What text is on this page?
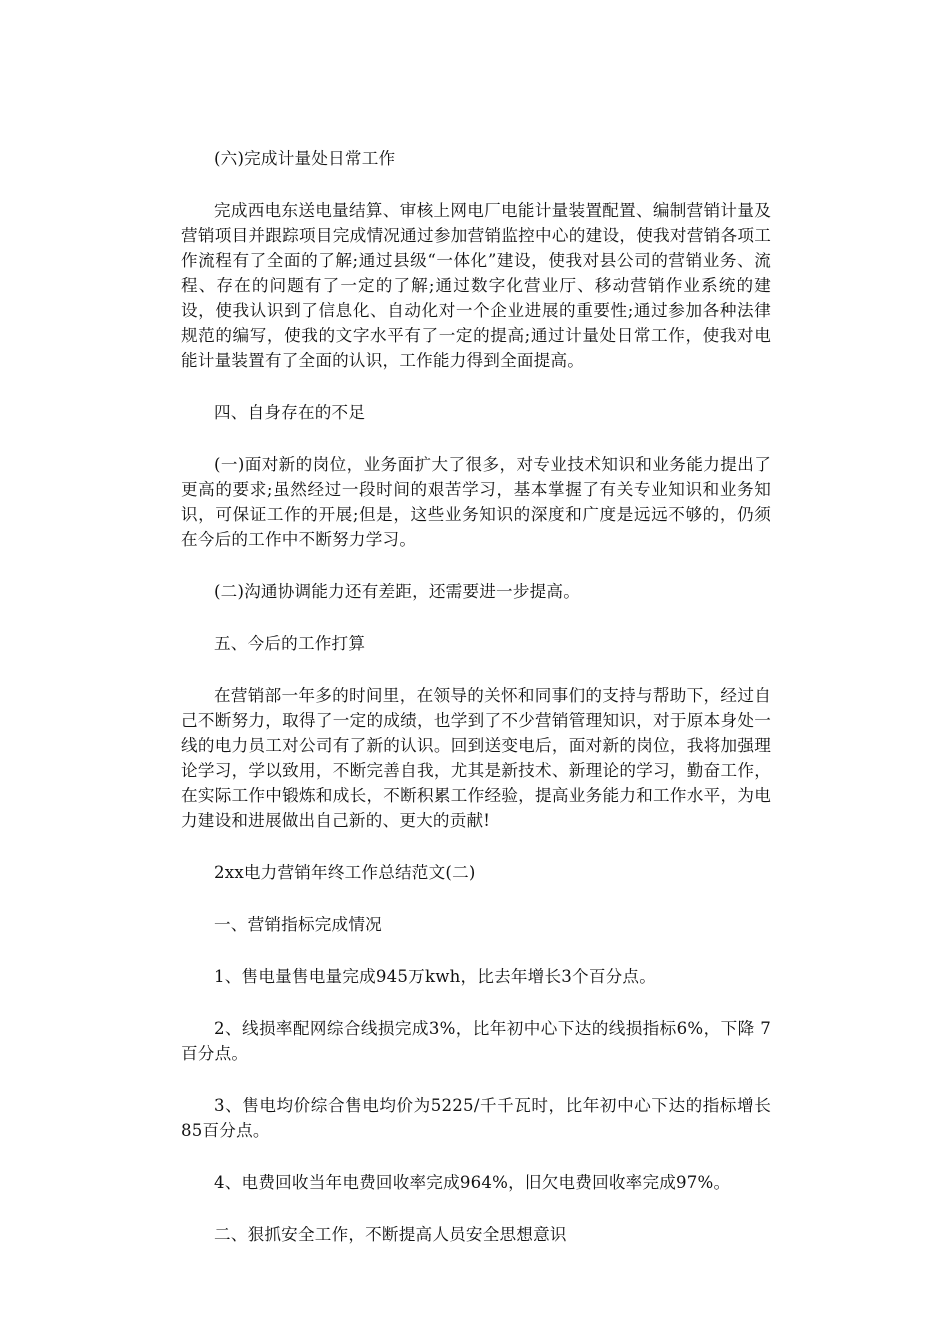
(六)完成计量处日常工作

完成西电东送电量结算、审核上网电厂电能计量装置配置、编制营销计量及营销项目并跟踪项目完成情况通过参加营销监控中心的建设，使我对营销各项工作流程有了全面的了解;通过县级“一体化”建设，使我对县公司的营销业务、流程、存在的问题有了一定的了解;通过数字化营业厅、移动营销作业系统的建设，使我认识到了信息化、自动化对一个企业进展的重要性;通过参加各种法律规范的编写，使我的文字水平有了一定的提高;通过计量处日常工作，使我对电能计量装置有了全面的认识，工作能力得到全面提高。

四、自身存在的不足

(一)面对新的岗位，业务面扩大了很多，对专业技术知识和业务能力提出了更高的要求;虽然经过一段时间的艰苦学习，基本掌握了有关专业知识和业务知识，可保证工作的开展;但是，这些业务知识的深度和广度是远远不够的，仍须在今后的工作中不断努力学习。

(二)沟通协调能力还有差距，还需要进一步提高。

五、今后的工作打算

在营销部一年多的时间里，在领导的关怀和同事们的支持与帮助下，经过自己不断努力，取得了一定的成绩，也学到了不少营销管理知识，对于原本身处一线的电力员工对公司有了新的认识。回到送变电后，面对新的岗位，我将加强理论学习，学以致用，不断完善自我，尤其是新技术、新理论的学习，勤奋工作，在实际工作中锻炼和成长，不断积累工作经验，提高业务能力和工作水平，为电力建设和进展做出自己新的、更大的贡献!

2xx电力营销年终工作总结范文(二)

一、营销指标完成情况

1、售电量售电量完成945万kwh，比去年增长3个百分点。

2、线损率配网综合线损完成3%，比年初中心下达的线损指标6%，下降 7百分点。

3、售电均价综合售电均价为5225/千千瓦时，比年初中心下达的指标增长85百分点。

4、电费回收当年电费回收率完成964%，旧欠电费回收率完成97%。

二、狠抓安全工作，不断提高人员安全思想意识
